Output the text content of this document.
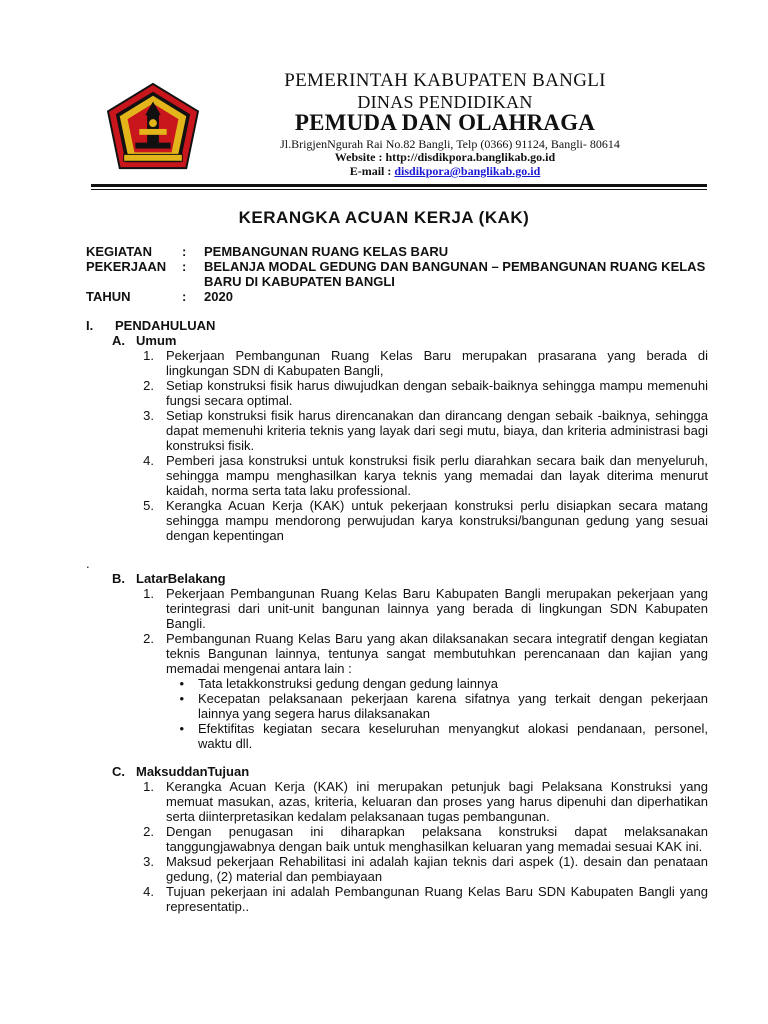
PEMERINTAH KABUPATEN BANGLI
DINAS PENDIDIKAN
PEMUDA DAN OLAHRAGA
Jl.BrigjenNgurah Rai No.82 Bangli, Telp (0366) 91124, Bangli- 80614
Website : http://disdikpora.banglikab.go.id
E-mail : disdikpora@banglikab.go.id
KERANGKA ACUAN KERJA (KAK)
KEGIATAN	:	PEMBANGUNAN RUANG KELAS BARU
PEKERJAAN	:	BELANJA MODAL GEDUNG DAN BANGUNAN – PEMBANGUNAN RUANG KELAS BARU DI KABUPATEN BANGLI
TAHUN	:	2020
I.	PENDAHULUAN
A. Umum
1. Pekerjaan Pembangunan Ruang Kelas Baru merupakan prasarana yang berada di lingkungan SDN di Kabupaten Bangli,
2. Setiap konstruksi fisik harus diwujudkan dengan sebaik-baiknya sehingga mampu memenuhi fungsi secara optimal.
3. Setiap konstruksi fisik harus direncanakan dan dirancang dengan sebaik -baiknya, sehingga dapat memenuhi kriteria teknis yang layak dari segi mutu, biaya, dan kriteria administrasi bagi konstruksi fisik.
4. Pemberi jasa konstruksi untuk konstruksi fisik perlu diarahkan secara baik dan menyeluruh, sehingga mampu menghasilkan karya teknis yang memadai dan layak diterima menurut kaidah, norma serta tata laku professional.
5. Kerangka Acuan Kerja (KAK) untuk pekerjaan konstruksi perlu disiapkan secara matang sehingga mampu mendorong perwujudan karya konstruksi/bangunan gedung yang sesuai dengan kepentingan
.
B. LatarBelakang
1. Pekerjaan Pembangunan Ruang Kelas Baru Kabupaten Bangli merupakan pekerjaan yang terintegrasi dari unit-unit bangunan lainnya yang berada di lingkungan SDN Kabupaten Bangli.
2. Pembangunan Ruang Kelas Baru yang akan dilaksanakan secara integratif dengan kegiatan teknis Bangunan lainnya, tentunya sangat membutuhkan perencanaan dan kajian yang memadai mengenai antara lain :
•	Tata letakkonstruksi gedung dengan gedung lainnya
•	Kecepatan pelaksanaan pekerjaan karena sifatnya yang terkait dengan pekerjaan lainnya yang segera harus dilaksanakan
•	Efektifitas kegiatan secara keseluruhan menyangkut alokasi pendanaan, personel, waktu dll.
C. MaksuddanTujuan
1. Kerangka Acuan Kerja (KAK) ini merupakan petunjuk bagi Pelaksana Konstruksi yang memuat masukan, azas, kriteria, keluaran dan proses yang harus dipenuhi dan diperhatikan serta diinterpretasikan kedalam pelaksanaan tugas pembangunan.
2. Dengan penugasan ini diharapkan pelaksana konstruksi dapat melaksanakan tanggungjawabnya dengan baik untuk menghasilkan keluaran yang memadai sesuai KAK ini.
3. Maksud pekerjaan Rehabilitasi ini adalah kajian teknis dari aspek (1). desain dan penataan gedung, (2) material dan pembiayaan
4. Tujuan pekerjaan ini adalah Pembangunan Ruang Kelas Baru SDN Kabupaten Bangli yang representatip..
